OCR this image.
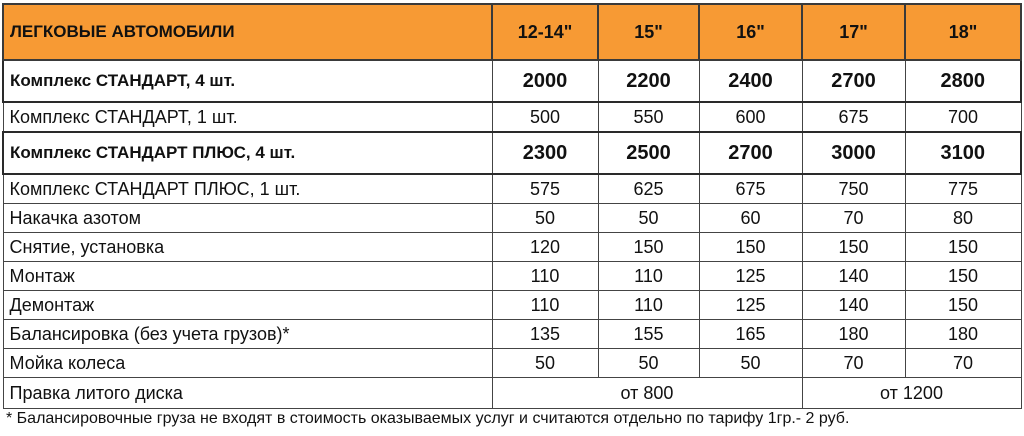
ЛЕГКОВЫЕ АВТОМОБИЛИ	12-14"	15"	16"	17"	18"
Комплекс СТАНДАРТ, 4 шт.	2000	2200	2400	2700	2800
Комплекс СТАНДАРТ, 1 шт.	500	550	600	675	700
Комплекс СТАНДАРТ ПЛЮС, 4 шт.	2300	2500	2700	3000	3100
Комплекс СТАНДАРТ ПЛЮС, 1 шт.	575	625	675	750	775
Накачка азотом	50	50	60	70	80
Снятие, установка	120	150	150	150	150
Монтаж	110	110	125	140	150
Демонтаж	110	110	125	140	150
Балансировка (без учета грузов)*	135	155	165	180	180
Мойка колеса	50	50	50	70	70
Правка литого диска	от 800			от 1200	
* Балансировочные груза не входят в стоимость оказываемых услуг и считаются отдельно по тарифу 1гр.- 2 руб.
